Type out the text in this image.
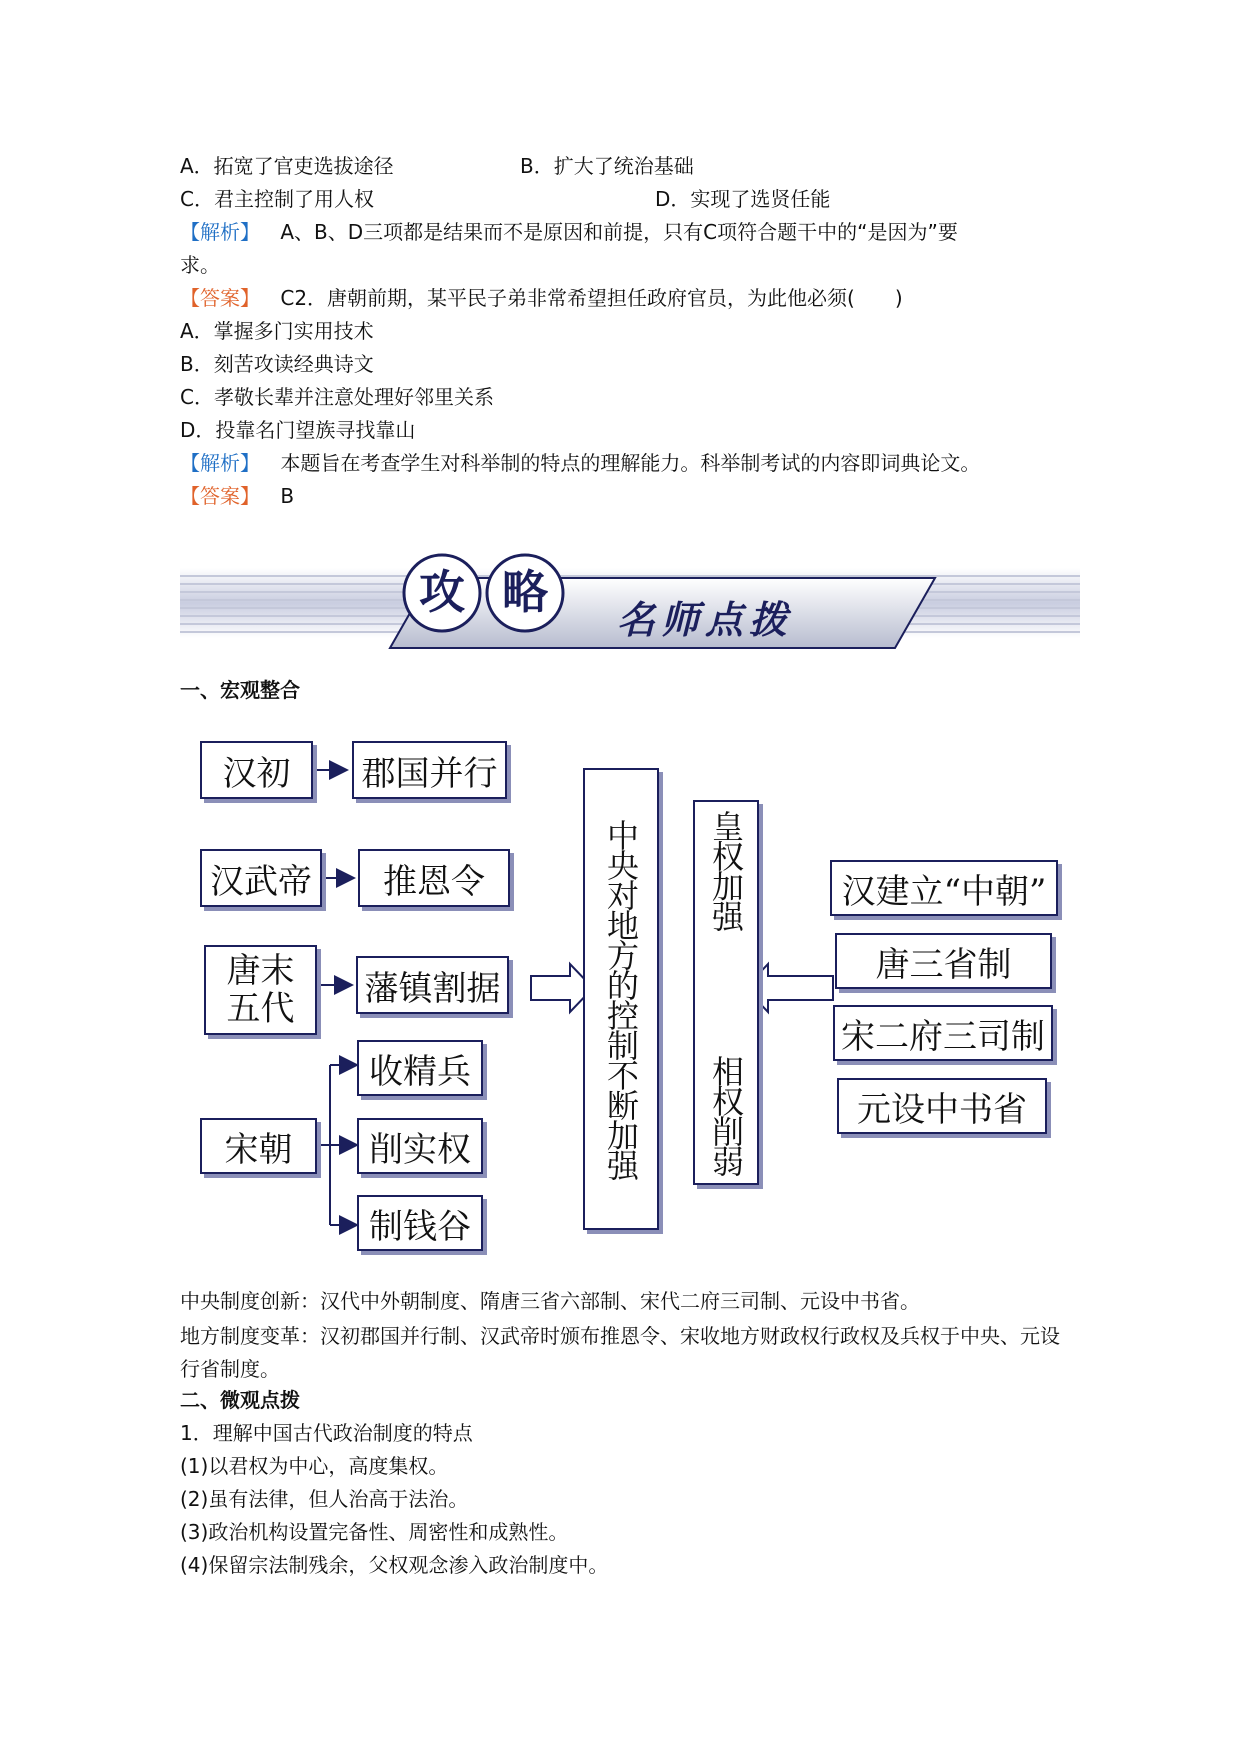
A．拓宽了官吏选拔途径	B．扩大了统治基础
C．君主控制了用人权	D．实现了选贤任能
【解析】 A、B、D三项都是结果而不是原因和前提，只有C项符合题干中的“是因为”要
求。
【答案】 C2．唐朝前期，某平民子弟非常希望担任政府官员，为此他必须(　　)
A．掌握多门实用技术
B．刻苦攻读经典诗文
C．孝敬长辈并注意处理好邻里关系
D．投靠名门望族寻找靠山
【解析】 本题旨在考查学生对科举制的特点的理解能力。科举制考试的内容即词典论文。
【答案】 B
攻 略
名师点拨
一、宏观整合
汉初	郡国并行
汉武帝	推恩令
唐末
五代
藩镇割据
宋朝
收精兵
削实权
制钱谷
中央对地方的控制不断加强	皇权加强
相权削弱
汉建立“中朝”
唐三省制
宋二府三司制
元设中书省
中央制度创新：汉代中外朝制度、隋唐三省六部制、宋代二府三司制、元设中书省。
地方制度变革：汉初郡国并行制、汉武帝时颁布推恩令、宋收地方财政权行政权及兵权于中央、元设行省制度。
二、微观点拨
1．理解中国古代政治制度的特点
(1)以君权为中心，高度集权。
(2)虽有法律，但人治高于法治。
(3)政治机构设置完备性、周密性和成熟性。
(4)保留宗法制残余，父权观念渗入政治制度中。
